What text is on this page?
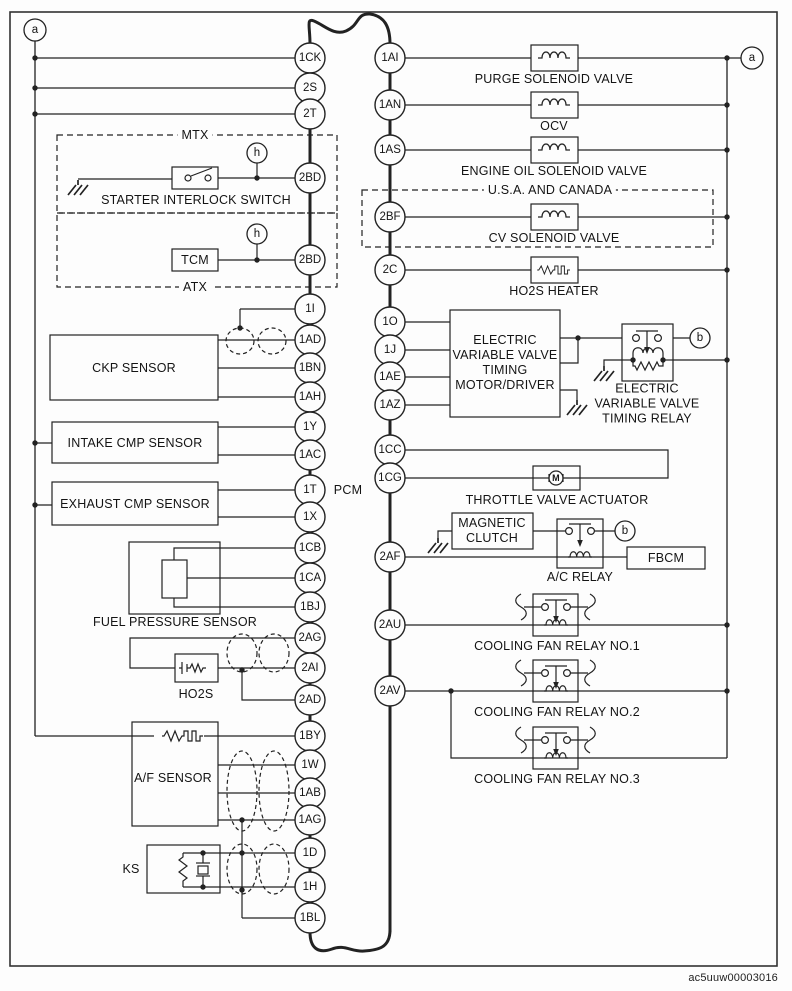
a
a
h
h
b
b
1CK
2S
2T
2BD
2BD
1I
1AD
1BN
1AH
1Y
1AC
1T
1X
1CB
1CA
1BJ
2AG
2AI
2AD
1BY
1W
1AB
1AG
1D
1H
1BL
1AI
1AN
1AS
2BF
2C
1O
1J
1AE
1AZ
1CC
1CG
2AF
2AU
2AV
MTX
ATX
U.S.A. AND CANADA
STARTER INTERLOCK SWITCH
TCM
CKP SENSOR
INTAKE CMP SENSOR
EXHAUST CMP SENSOR
PCM
FUEL PRESSURE SENSOR
HO2S
A/F SENSOR
KS
PURGE SOLENOID VALVE
OCV
ENGINE OIL SOLENOID VALVE
CV SOLENOID VALVE
HO2S HEATER
ELECTRIC
VARIABLE VALVE
TIMING
MOTOR/DRIVER	ELECTRIC
VARIABLE VALVE
TIMING RELAY
THROTTLE VALVE ACTUATOR
M
MAGNETIC
CLUTCH
A/C RELAY
FBCM
COOLING FAN RELAY NO.1
COOLING FAN RELAY NO.2
COOLING FAN RELAY NO.3
ac5uuw00003016
